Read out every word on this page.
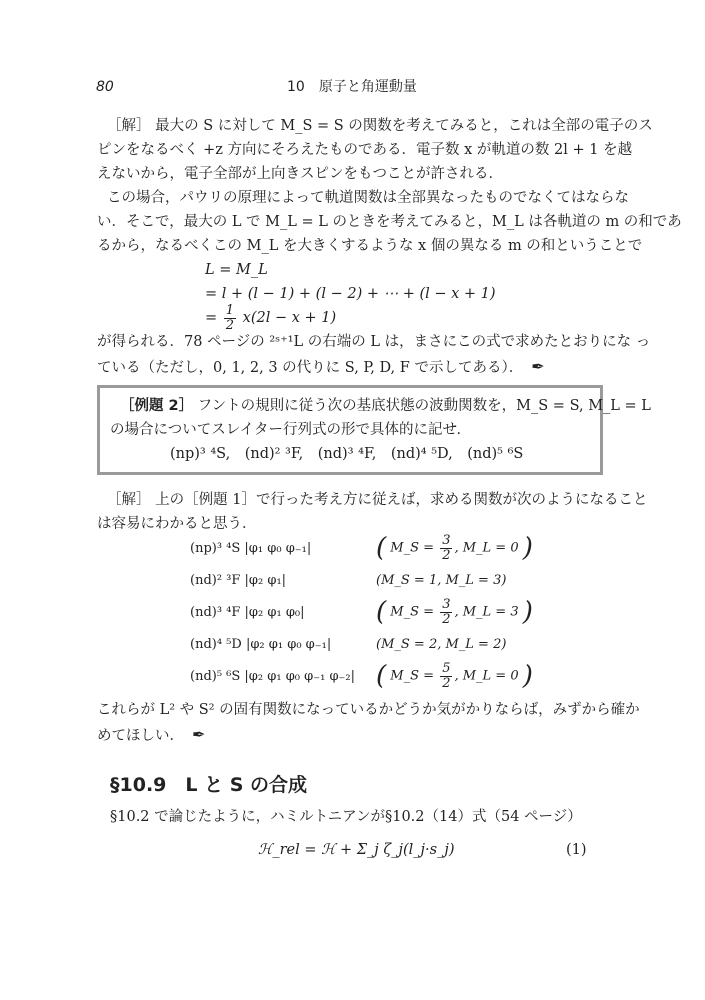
80	10　原子と角運動量
［解］ 最大の S に対して M_S = S の関数を考えてみると，これは全部の電子のス
ピンをなるべく +z 方向にそろえたものである．電子数 x が軌道の数 2l + 1 を越
えないから，電子全部が上向きスピンをもつことが許される．
この場合，パウリの原理によって軌道関数は全部異なったものでなくてはならな
い．そこで，最大の L で M_L = L のときを考えてみると，M_L は各軌道の m の和であ
るから，なるべくこの M_L を大きくするような x 個の異なる m の和ということで
L = M_L
= l + (l − 1) + (l − 2) + ⋯ + (l − x + 1)
= $\frac{1}{2} x(2l - x + 1)$
が得られる．78 ページの ²ˢ⁺¹L の右端の L は，まさにこの式で求めたとおりにな っ
ている（ただし，0, 1, 2, 3 の代りに S, P, D, F で示してある）． ✒
［例題 2］ フントの規則に従う次の基底状態の波動関数を，M_S = S, M_L = L
の場合についてスレイター行列式の形で具体的に記せ．
(np)³ ⁴S,　(nd)² ³F,　(nd)³ ⁴F,　(nd)⁴ ⁵D,　(nd)⁵ ⁶S
［解］ 上の［例題 1］で行った考え方に従えば，求める関数が次のようになること
は容易にわかると思う．
(np)³ ⁴S |φ₁ φ₀ φ₋₁| ( M_S = $\frac{3}{2}$ , M_L = 0 )
(nd)² ³F |φ₂ φ₁|	(M_S = 1, M_L = 3)
(nd)³ ⁴F |φ₂ φ₁ φ₀|	( M_S = $\frac{3}{2}$ , M_L = 3 )
(nd)⁴ ⁵D |φ₂ φ₁ φ₀ φ₋₁|	(M_S = 2, M_L = 2)
(nd)⁵ ⁶S |φ₂ φ₁ φ₀ φ₋₁ φ₋₂| ( M_S = $\frac{5}{2}$ , M_L = 0 )
これらが L² や S² の固有関数になっているかどうか気がかりならば，みずから確か
めてほしい． ✒
§10.9　L と S の合成
§10.2 で論じたように，ハミルトニアンが§10.2（14）式（54 ページ）
ℋ_rel = ℋ + Σ_j ζ_j(l_j·s_j)	(1)
